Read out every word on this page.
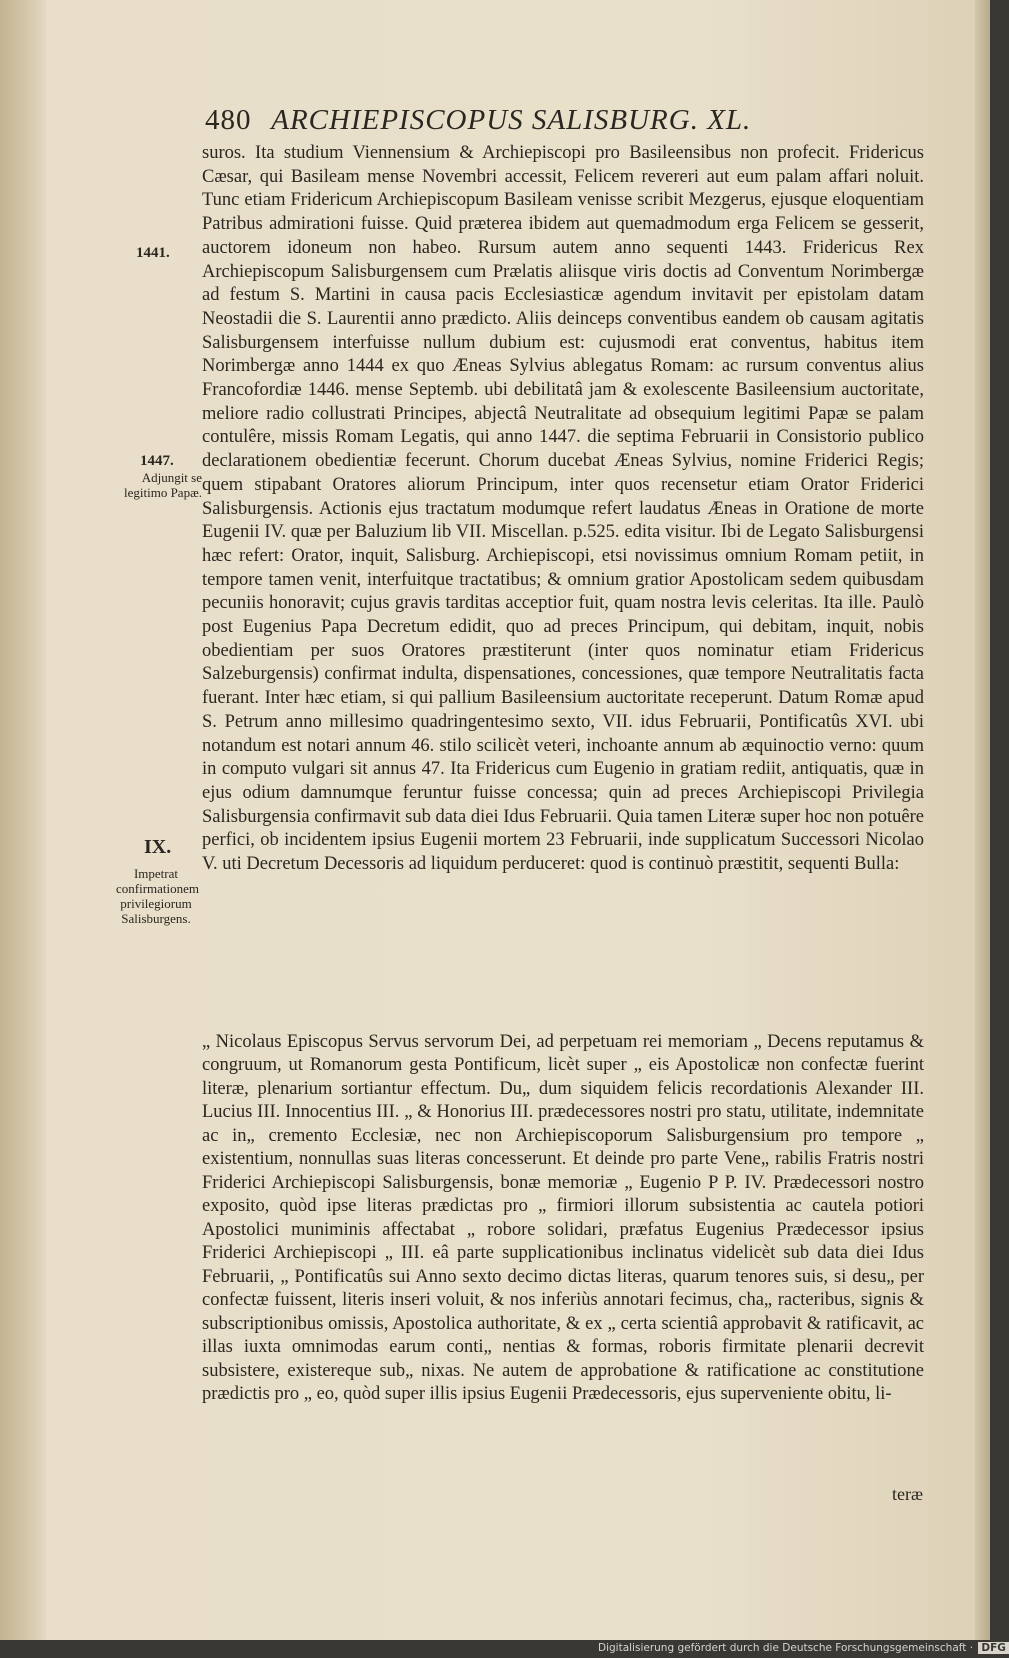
480 ARCHIEPISCOPUS SALISBURG. XL.
1441.
1447.
Adjungit se legitimo Papæ.
IX.
Impetrat confirmationem privilegiorum Salisburgens.

suros. Ita studium Viennensium & Archiepiscopi pro Basileensibus non profecit. Fridericus Cæsar, qui Basileam mense Novembri accessit, Felicem revereri aut eum palam affari noluit. Tunc etiam Fridericum Archiepiscopum Basileam venisse scribit Mezgerus, ejusque eloquentiam Patribus admirationi fuisse. Quid præterea ibidem aut quemadmodum erga Felicem se gesserit, auctorem idoneum non habeo. Rursum autem anno sequenti 1443. Fridericus Rex Archiepiscopum Salisburgensem cum Prælatis aliisque viris doctis ad Conventum Norimbergæ ad festum S. Martini in causa pacis Ecclesiasticæ agendum invitavit per epistolam datam Neostadii die S. Laurentii anno prædicto. Aliis deinceps conventibus eandem ob causam agitatis Salisburgensem interfuisse nullum dubium est: cujusmodi erat conventus, habitus item Norimbergæ anno 1444 ex quo Æneas Sylvius ablegatus Romam: ac rursum conventus alius Francofordiæ 1446. mense Septemb. ubi debilitatâ jam & exolescente Basileensium auctoritate, meliore radio collustrati Principes, abjectâ Neutralitate ad obsequium legitimi Papæ se palam contulêre, missis Romam Legatis, qui anno 1447. die septima Februarii in Consistorio publico declarationem obedientiæ fecerunt. Chorum ducebat Æneas Sylvius, nomine Friderici Regis; quem stipabant Oratores aliorum Principum, inter quos recensetur etiam Orator Friderici Salisburgensis. Actionis ejus tractatum modumque refert laudatus Æneas in Oratione de morte Eugenii IV. quæ per Baluzium lib VII. Miscellan. p.525. edita visitur. Ibi de Legato Salisburgensi hæc refert: Orator, inquit, Salisburg. Archiepiscopi, etsi novissimus omnium Romam petiit, in tempore tamen venit, interfuitque tractatibus; & omnium gratior Apostolicam sedem quibusdam pecuniis honoravit; cujus gravis tarditas acceptior fuit, quam nostra levis celeritas. Ita ille. Paulò post Eugenius Papa Decretum edidit, quo ad preces Principum, qui debitam, inquit, nobis obedientiam per suos Oratores præstiterunt (inter quos nominatur etiam Fridericus Salzeburgensis) confirmat indulta, dispensationes, concessiones, quæ tempore Neutralitatis facta fuerant. Inter hæc etiam, si qui pallium Basileensium auctoritate receperunt. Datum Romæ apud S. Petrum anno millesimo quadringentesimo sexto, VII. idus Februarii, Pontificatûs XVI. ubi notandum est notari annum 46. stilo scilicèt veteri, inchoante annum ab æquinoctio verno: quum in computo vulgari sit annus 47. Ita Fridericus cum Eugenio in gratiam rediit, antiquatis, quæ in ejus odium damnumque feruntur fuisse concessa; quin ad preces Archiepiscopi Privilegia Salisburgensia confirmavit sub data diei Idus Februarii. Quia tamen Literæ super hoc non potuêre perfici, ob incidentem ipsius Eugenii mortem 23 Februarii, inde supplicatum Successori Nicolao V. uti Decretum Decessoris ad liquidum perduceret: quod is continuò præstitit, sequenti Bulla:

„ Nicolaus Episcopus Servus servorum Dei, ad perpetuam rei memoriam „ Decens reputamus & congruum, ut Romanorum gesta Pontificum, licèt super „ eis Apostolicæ non confectæ fuerint literæ, plenarium sortiantur effectum. Du„ dum siquidem felicis recordationis Alexander III. Lucius III. Innocentius III. „ & Honorius III. prædecessores nostri pro statu, utilitate, indemnitate ac in„ cremento Ecclesiæ, nec non Archiepiscoporum Salisburgensium pro tempore „ existentium, nonnullas suas literas concesserunt. Et deinde pro parte Vene„ rabilis Fratris nostri Friderici Archiepiscopi Salisburgensis, bonæ memoriæ „ Eugenio P P. IV. Prædecessori nostro exposito, quòd ipse literas prædictas pro „ firmiori illorum subsistentia ac cautela potiori Apostolici muniminis affectabat „ robore solidari, præfatus Eugenius Prædecessor ipsius Friderici Archiepiscopi „ III. eâ parte supplicationibus inclinatus videlicèt sub data diei Idus Februarii, „ Pontificatûs sui Anno sexto decimo dictas literas, quarum tenores suis, si desu„ per confectæ fuissent, literis inseri voluit, & nos inferiùs annotari fecimus, cha„ racteribus, signis & subscriptionibus omissis, Apostolica authoritate, & ex „ certa scientiâ approbavit & ratificavit, ac illas iuxta omnimodas earum conti„ nentias & formas, roboris firmitate plenarii decrevit subsistere, existereque sub„ nixas. Ne autem de approbatione & ratificatione ac constitutione prædictis pro „ eo, quòd super illis ipsius Eugenii Prædecessoris, ejus superveniente obitu, li-

teræ
Digitalisierung gefördert durch die Deutsche Forschungsgemeinschaft · DFG
